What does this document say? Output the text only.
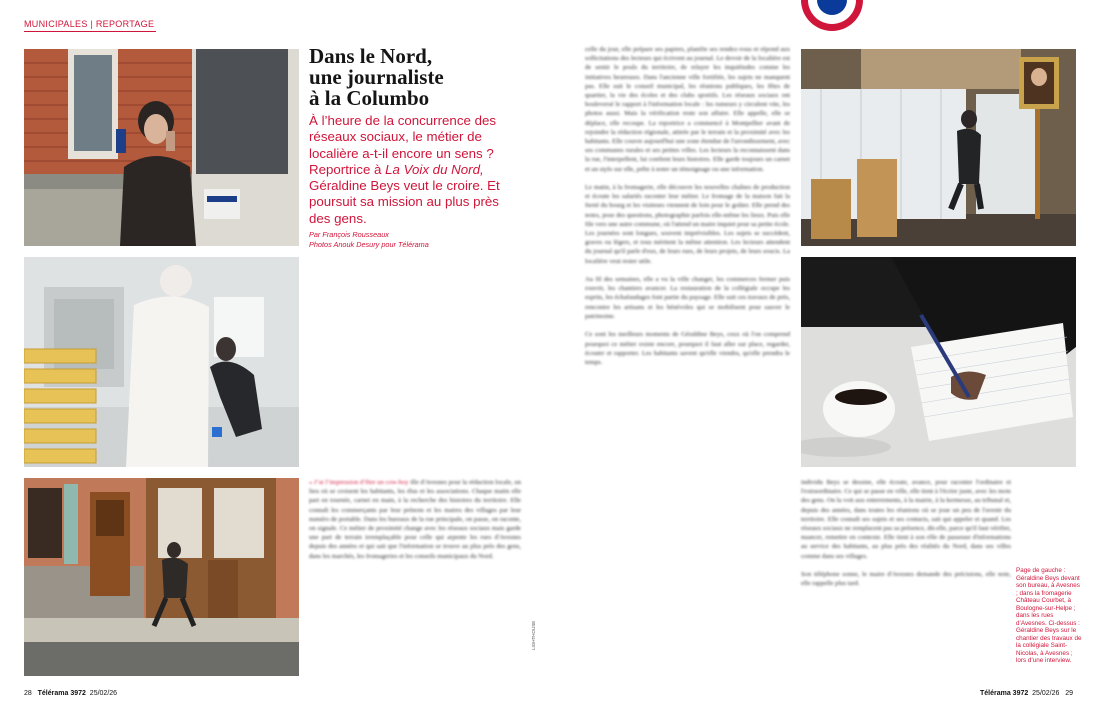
MUNICIPALES | REPORTAGE
Dans le Nord,
une journaliste
à la Columbo
À l’heure de la concurrence des réseaux sociaux, le métier de localière a-t-il encore un sens ? Reportrice à La Voix du Nord, Géraldine Beys veut le croire. Et poursuit sa mission au plus près des gens.
Par François Rousseaux
Photos Anouk Desury pour Télérama
« J’ai l’impression d’être un cow-boy ille d'Avesnes pour la rédaction locale, un lieu où se croisent les habitants, les élus et les associations. Chaque matin elle part en tournée, carnet en main, à la recherche des histoires du territoire. Elle connaît les commerçants par leur prénom et les maires des villages par leur numéro de portable. Dans les bureaux de la rue principale, on passe, on raconte, on signale. Ce métier de proximité change avec les réseaux sociaux mais garde une part de terrain irremplaçable pour celle qui arpente les rues d'Avesnes depuis des années et qui sait que l'information se trouve au plus près des gens, dans les marchés, les fromageries et les conseils municipaux du Nord.
celle du jour, elle prépare ses papiers, planifie ses rendez-vous et répond aux sollicitations des lecteurs qui écrivent au journal. Le devoir de la localière est de sentir le pouls du territoire, de relayer les inquiétudes comme les initiatives heureuses. Dans l'ancienne ville fortifiée, les sujets ne manquent pas. Elle suit le conseil municipal, les réunions publiques, les fêtes de quartier, la vie des écoles et des clubs sportifs. Les réseaux sociaux ont bouleversé le rapport à l'information locale : les rumeurs y circulent vite, les photos aussi. Mais la vérification reste son affaire. Elle appelle, elle se déplace, elle recoupe. La reportrice a commencé à Montpellier avant de rejoindre la rédaction régionale, attirée par le terrain et la proximité avec les habitants. Elle couvre aujourd'hui une zone étendue de l'arrondissement, avec ses communes rurales et ses petites villes. Les lecteurs la reconnaissent dans la rue, l'interpellent, lui confient leurs histoires. Elle garde toujours un carnet et un stylo sur elle, prête à noter un témoignage ou une information.

Le matin, à la fromagerie, elle découvre les nouvelles chaînes de production et écoute les salariés raconter leur métier. Le fromage de la maison fait la fierté du bourg et les visiteurs viennent de loin pour le goûter. Elle prend des notes, pose des questions, photographie parfois elle-même les lieux. Puis elle file vers une autre commune, où l'attend un maire inquiet pour sa petite école. Les journées sont longues, souvent imprévisibles. Les sujets se succèdent, graves ou légers, et tous méritent la même attention. Les lecteurs attendent du journal qu'il parle d'eux, de leurs rues, de leurs projets, de leurs soucis. La localière veut rester utile.

Au fil des semaines, elle a vu la ville changer, les commerces fermer puis rouvrir, les chantiers avancer. La restauration de la collégiale occupe les esprits, les échafaudages font partie du paysage. Elle suit ces travaux de près, rencontre les artisans et les bénévoles qui se mobilisent pour sauver le patrimoine.

Ce sont les meilleurs moments de Géraldine Beys, ceux où l'on comprend pourquoi ce métier existe encore, pourquoi il faut aller sur place, regarder, écouter et rapporter. Les habitants savent qu'elle viendra, qu'elle prendra le temps.
individu Beys se dessine, elle écoute, avance, pour raconter l'ordinaire et l'extraordinaire. Ce qui se passe en ville, elle tient à l'écrire juste, avec les mots des gens. On la voit aux enterrements, à la mairie, à la kermesse, au tribunal et, depuis des années, dans toutes les réunions où se joue un peu de l'avenir du territoire. Elle connaît ses sujets et ses contacts, sait qui appeler et quand. Les réseaux sociaux ne remplacent pas sa présence, dit-elle, parce qu'il faut vérifier, nuancer, remettre en contexte. Elle tient à son rôle de passeuse d'informations au service des habitants, au plus près des réalités du Nord, dans ses villes comme dans ses villages.

Son téléphone sonne, le maire d'Avesnes demande des précisions, elle note, elle rappelle plus tard.
LIGHTHOUSE
Page de gauche : Géraldine Beys devant son bureau, à Avesnes ; dans la fromagerie Château Courbet, à Boulogne-sur-Helpe ; dans les rues d’Avesnes. Ci-dessus : Géraldine Beys sur le chantier des travaux de la collégiale Saint-Nicolas, à Avesnes ; lors d’une interview.
28 Télérama 3972 25/02/26	Télérama 3972 25/02/26 29
